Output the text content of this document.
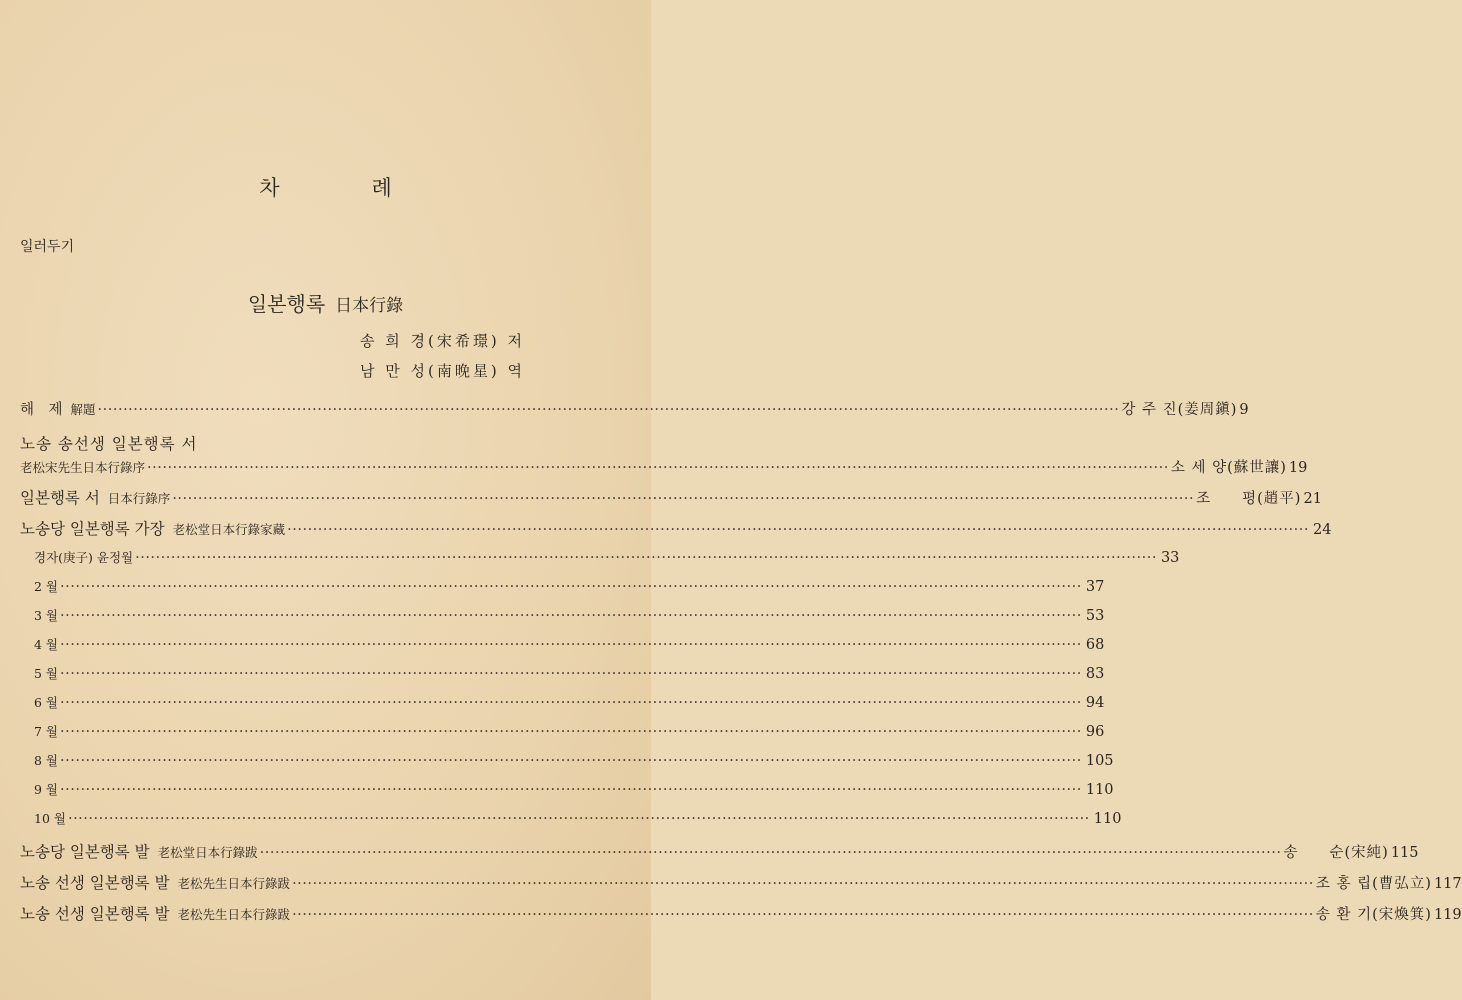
차	례
일러두기
일본행록 日本行錄
송 희 경(宋希璟) 저
남 만 성(南晚星) 역
해　제 解題 ········································································································································································································ 강 주 진(姜周鎭) 9
노송 송선생 일본행록 서
老松宋先生日本行錄序 ········································································································································································································ 소 세 양(蘇世讓) 19
일본행록 서 日本行錄序 ········································································································································································································ 조　　평(趙平) 21
노송당 일본행록 가장 老松堂日本行錄家藏 ········································································································································································································ 24
경자(庚子) 윤정월 ········································································································································································································ 33
2 월 ········································································································································································································ 37
3 월 ········································································································································································································ 53
4 월 ········································································································································································································ 68
5 월 ········································································································································································································ 83
6 월 ········································································································································································································ 94
7 월 ········································································································································································································ 96
8 월 ········································································································································································································ 105
9 월 ········································································································································································································ 110
10 월 ········································································································································································································ 110
노송당 일본행록 발 老松堂日本行錄跋 ········································································································································································································ 송　　순(宋純) 115
노송 선생 일본행록 발 老松先生日本行錄跋 ········································································································································································································ 조 홍 립(曹弘立) 117
노송 선생 일본행록 발 老松先生日本行錄跋 ········································································································································································································ 송 환 기(宋煥箕) 119
